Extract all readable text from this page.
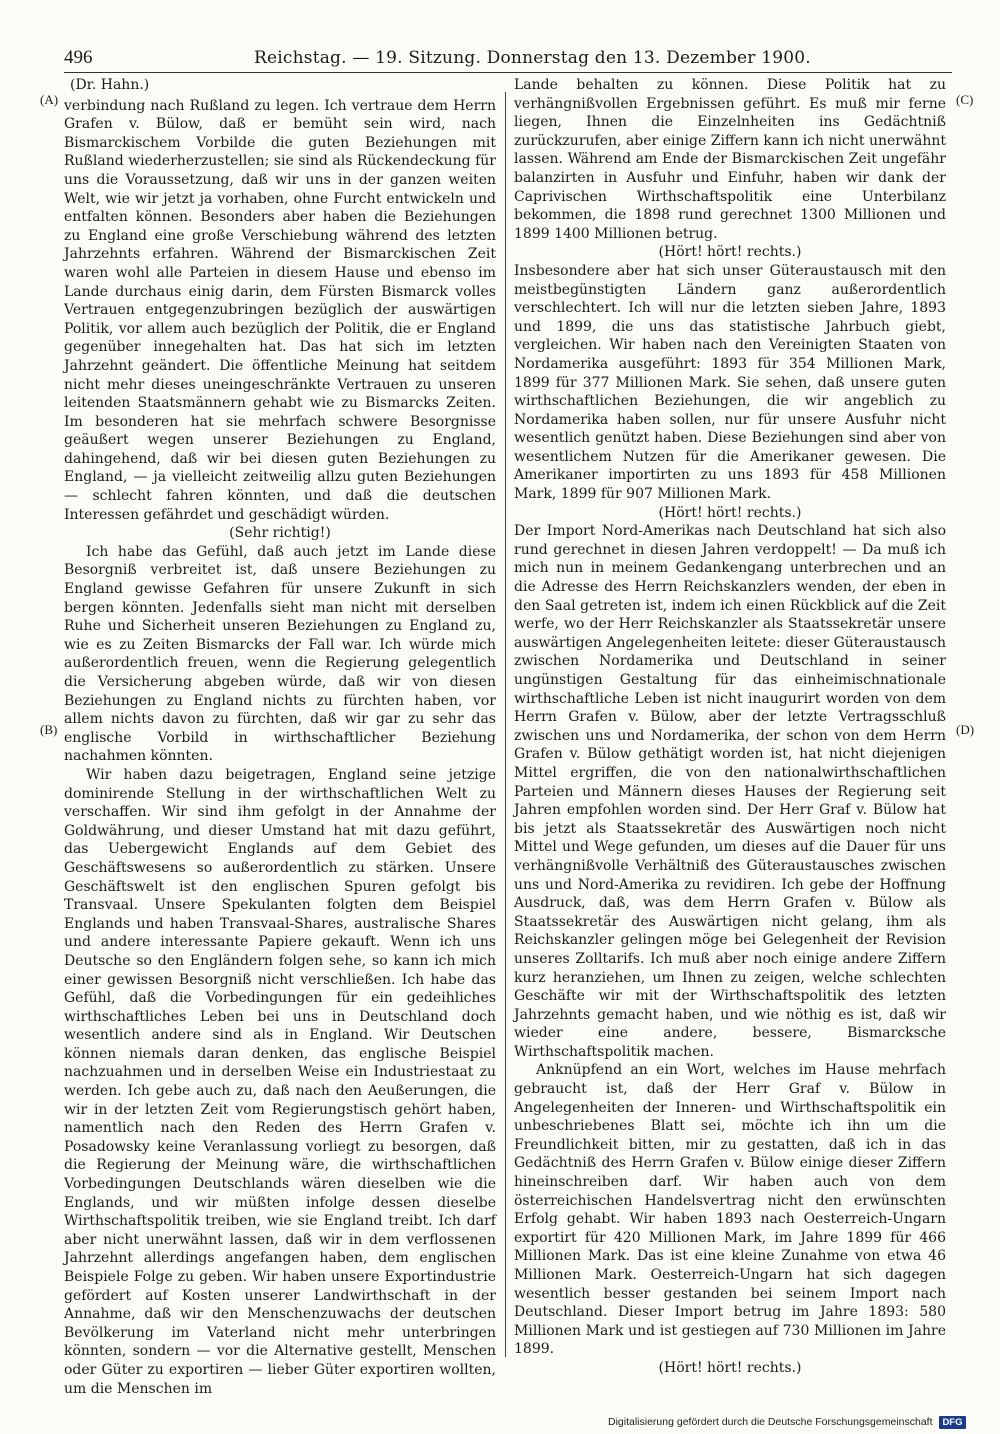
496	Reichstag. — 19. Sitzung. Donnerstag den 13. Dezember 1900.
(A)
(B)
(C)
(D)
(Dr. Hahn.)

verbindung nach Rußland zu legen. Ich vertraue dem Herrn Grafen v. Bülow, daß er bemüht sein wird, nach Bismarckischem Vorbilde die guten Beziehungen mit Rußland wiederherzustellen; sie sind als Rückendeckung für uns die Voraussetzung, daß wir uns in der ganzen weiten Welt, wie wir jetzt ja vorhaben, ohne Furcht entwickeln und entfalten können. Besonders aber haben die Beziehungen zu England eine große Verschiebung während des letzten Jahrzehnts erfahren. Während der Bismarckischen Zeit waren wohl alle Parteien in diesem Hause und ebenso im Lande durchaus einig darin, dem Fürsten Bismarck volles Vertrauen entgegenzubringen bezüglich der auswärtigen Politik, vor allem auch bezüglich der Politik, die er England gegenüber innegehalten hat. Das hat sich im letzten Jahrzehnt geändert. Die öffentliche Meinung hat seitdem nicht mehr dieses uneingeschränkte Vertrauen zu unseren leitenden Staatsmännern gehabt wie zu Bismarcks Zeiten. Im besonderen hat sie mehrfach schwere Besorgnisse geäußert wegen unserer Beziehungen zu England, dahingehend, daß wir bei diesen guten Beziehungen zu England, — ja vielleicht zeitweilig allzu guten Beziehungen — schlecht fahren könnten, und daß die deutschen Interessen gefährdet und geschädigt würden.

(Sehr richtig!)

Ich habe das Gefühl, daß auch jetzt im Lande diese Besorgniß verbreitet ist, daß unsere Beziehungen zu England gewisse Gefahren für unsere Zukunft in sich bergen könnten. Jedenfalls sieht man nicht mit derselben Ruhe und Sicherheit unseren Beziehungen zu England zu, wie es zu Zeiten Bismarcks der Fall war. Ich würde mich außerordentlich freuen, wenn die Regierung gelegentlich die Versicherung abgeben würde, daß wir von diesen Beziehungen zu England nichts zu fürchten haben, vor allem nichts davon zu fürchten, daß wir gar zu sehr das englische Vorbild in wirthschaftlicher Beziehung nachahmen könnten.

Wir haben dazu beigetragen, England seine jetzige dominirende Stellung in der wirthschaftlichen Welt zu verschaffen. Wir sind ihm gefolgt in der Annahme der Goldwährung, und dieser Umstand hat mit dazu geführt, das Uebergewicht Englands auf dem Gebiet des Geschäftswesens so außerordentlich zu stärken. Unsere Geschäftswelt ist den englischen Spuren gefolgt bis Transvaal. Unsere Spekulanten folgten dem Beispiel Englands und haben Transvaal-Shares, australische Shares und andere interessante Papiere gekauft. Wenn ich uns Deutsche so den Engländern folgen sehe, so kann ich mich einer gewissen Besorgniß nicht verschließen. Ich habe das Gefühl, daß die Vorbedingungen für ein gedeihliches wirthschaftliches Leben bei uns in Deutschland doch wesentlich andere sind als in England. Wir Deutschen können niemals daran denken, das englische Beispiel nachzuahmen und in derselben Weise ein Industriestaat zu werden. Ich gebe auch zu, daß nach den Aeußerungen, die wir in der letzten Zeit vom Regierungstisch gehört haben, namentlich nach den Reden des Herrn Grafen v. Posadowsky keine Veranlassung vorliegt zu besorgen, daß die Regierung der Meinung wäre, die wirthschaftlichen Vorbedingungen Deutschlands wären dieselben wie die Englands, und wir müßten infolge dessen dieselbe Wirthschaftspolitik treiben, wie sie England treibt. Ich darf aber nicht unerwähnt lassen, daß wir in dem verflossenen Jahrzehnt allerdings angefangen haben, dem englischen Beispiele Folge zu geben. Wir haben unsere Exportindustrie gefördert auf Kosten unserer Landwirthschaft in der Annahme, daß wir den Menschenzuwachs der deutschen Bevölkerung im Vaterland nicht mehr unterbringen könnten, sondern — vor die Alternative gestellt, Menschen oder Güter zu exportiren — lieber Güter exportiren wollten, um die Menschen im

Lande behalten zu können. Diese Politik hat zu verhängnißvollen Ergebnissen geführt. Es muß mir ferne liegen, Ihnen die Einzelnheiten ins Gedächtniß zurückzurufen, aber einige Ziffern kann ich nicht unerwähnt lassen. Während am Ende der Bismarckischen Zeit ungefähr balanzirten in Ausfuhr und Einfuhr, haben wir dank der Caprivischen Wirthschaftspolitik eine Unterbilanz bekommen, die 1898 rund gerechnet 1300 Millionen und 1899 1400 Millionen betrug.

(Hört! hört! rechts.)

Insbesondere aber hat sich unser Güteraustausch mit den meistbegünstigten Ländern ganz außerordentlich verschlechtert. Ich will nur die letzten sieben Jahre, 1893 und 1899, die uns das statistische Jahrbuch giebt, vergleichen. Wir haben nach den Vereinigten Staaten von Nordamerika ausgeführt: 1893 für 354 Millionen Mark, 1899 für 377 Millionen Mark. Sie sehen, daß unsere guten wirthschaftlichen Beziehungen, die wir angeblich zu Nordamerika haben sollen, nur für unsere Ausfuhr nicht wesentlich genützt haben. Diese Beziehungen sind aber von wesentlichem Nutzen für die Amerikaner gewesen. Die Amerikaner importirten zu uns 1893 für 458 Millionen Mark, 1899 für 907 Millionen Mark.

(Hört! hört! rechts.)

Der Import Nord-Amerikas nach Deutschland hat sich also rund gerechnet in diesen Jahren verdoppelt! — Da muß ich mich nun in meinem Gedankengang unterbrechen und an die Adresse des Herrn Reichskanzlers wenden, der eben in den Saal getreten ist, indem ich einen Rückblick auf die Zeit werfe, wo der Herr Reichskanzler als Staatssekretär unsere auswärtigen Angelegenheiten leitete: dieser Güteraustausch zwischen Nordamerika und Deutschland in seiner ungünstigen Gestaltung für das einheimischnationale wirthschaftliche Leben ist nicht inaugurirt worden von dem Herrn Grafen v. Bülow, aber der letzte Vertragsschluß zwischen uns und Nordamerika, der schon von dem Herrn Grafen v. Bülow gethätigt worden ist, hat nicht diejenigen Mittel ergriffen, die von den nationalwirthschaftlichen Parteien und Männern dieses Hauses der Regierung seit Jahren empfohlen worden sind. Der Herr Graf v. Bülow hat bis jetzt als Staatssekretär des Auswärtigen noch nicht Mittel und Wege gefunden, um dieses auf die Dauer für uns verhängnißvolle Verhältniß des Güteraustausches zwischen uns und Nord-Amerika zu revidiren. Ich gebe der Hoffnung Ausdruck, daß, was dem Herrn Grafen v. Bülow als Staatssekretär des Auswärtigen nicht gelang, ihm als Reichskanzler gelingen möge bei Gelegenheit der Revision unseres Zolltarifs. Ich muß aber noch einige andere Ziffern kurz heranziehen, um Ihnen zu zeigen, welche schlechten Geschäfte wir mit der Wirthschaftspolitik des letzten Jahrzehnts gemacht haben, und wie nöthig es ist, daß wir wieder eine andere, bessere, Bismarcksche Wirthschaftspolitik machen.

Anknüpfend an ein Wort, welches im Hause mehrfach gebraucht ist, daß der Herr Graf v. Bülow in Angelegenheiten der Inneren- und Wirthschaftspolitik ein unbeschriebenes Blatt sei, möchte ich ihn um die Freundlichkeit bitten, mir zu gestatten, daß ich in das Gedächtniß des Herrn Grafen v. Bülow einige dieser Ziffern hineinschreiben darf. Wir haben auch von dem österreichischen Handelsvertrag nicht den erwünschten Erfolg gehabt. Wir haben 1893 nach Oesterreich-Ungarn exportirt für 420 Millionen Mark, im Jahre 1899 für 466 Millionen Mark. Das ist eine kleine Zunahme von etwa 46 Millionen Mark. Oesterreich-Ungarn hat sich dagegen wesentlich besser gestanden bei seinem Import nach Deutschland. Dieser Import betrug im Jahre 1893: 580 Millionen Mark und ist gestiegen auf 730 Millionen im Jahre 1899.

(Hört! hört! rechts.)

Digitalisierung gefördert durch die Deutsche Forschungsgemeinschaft DFG
